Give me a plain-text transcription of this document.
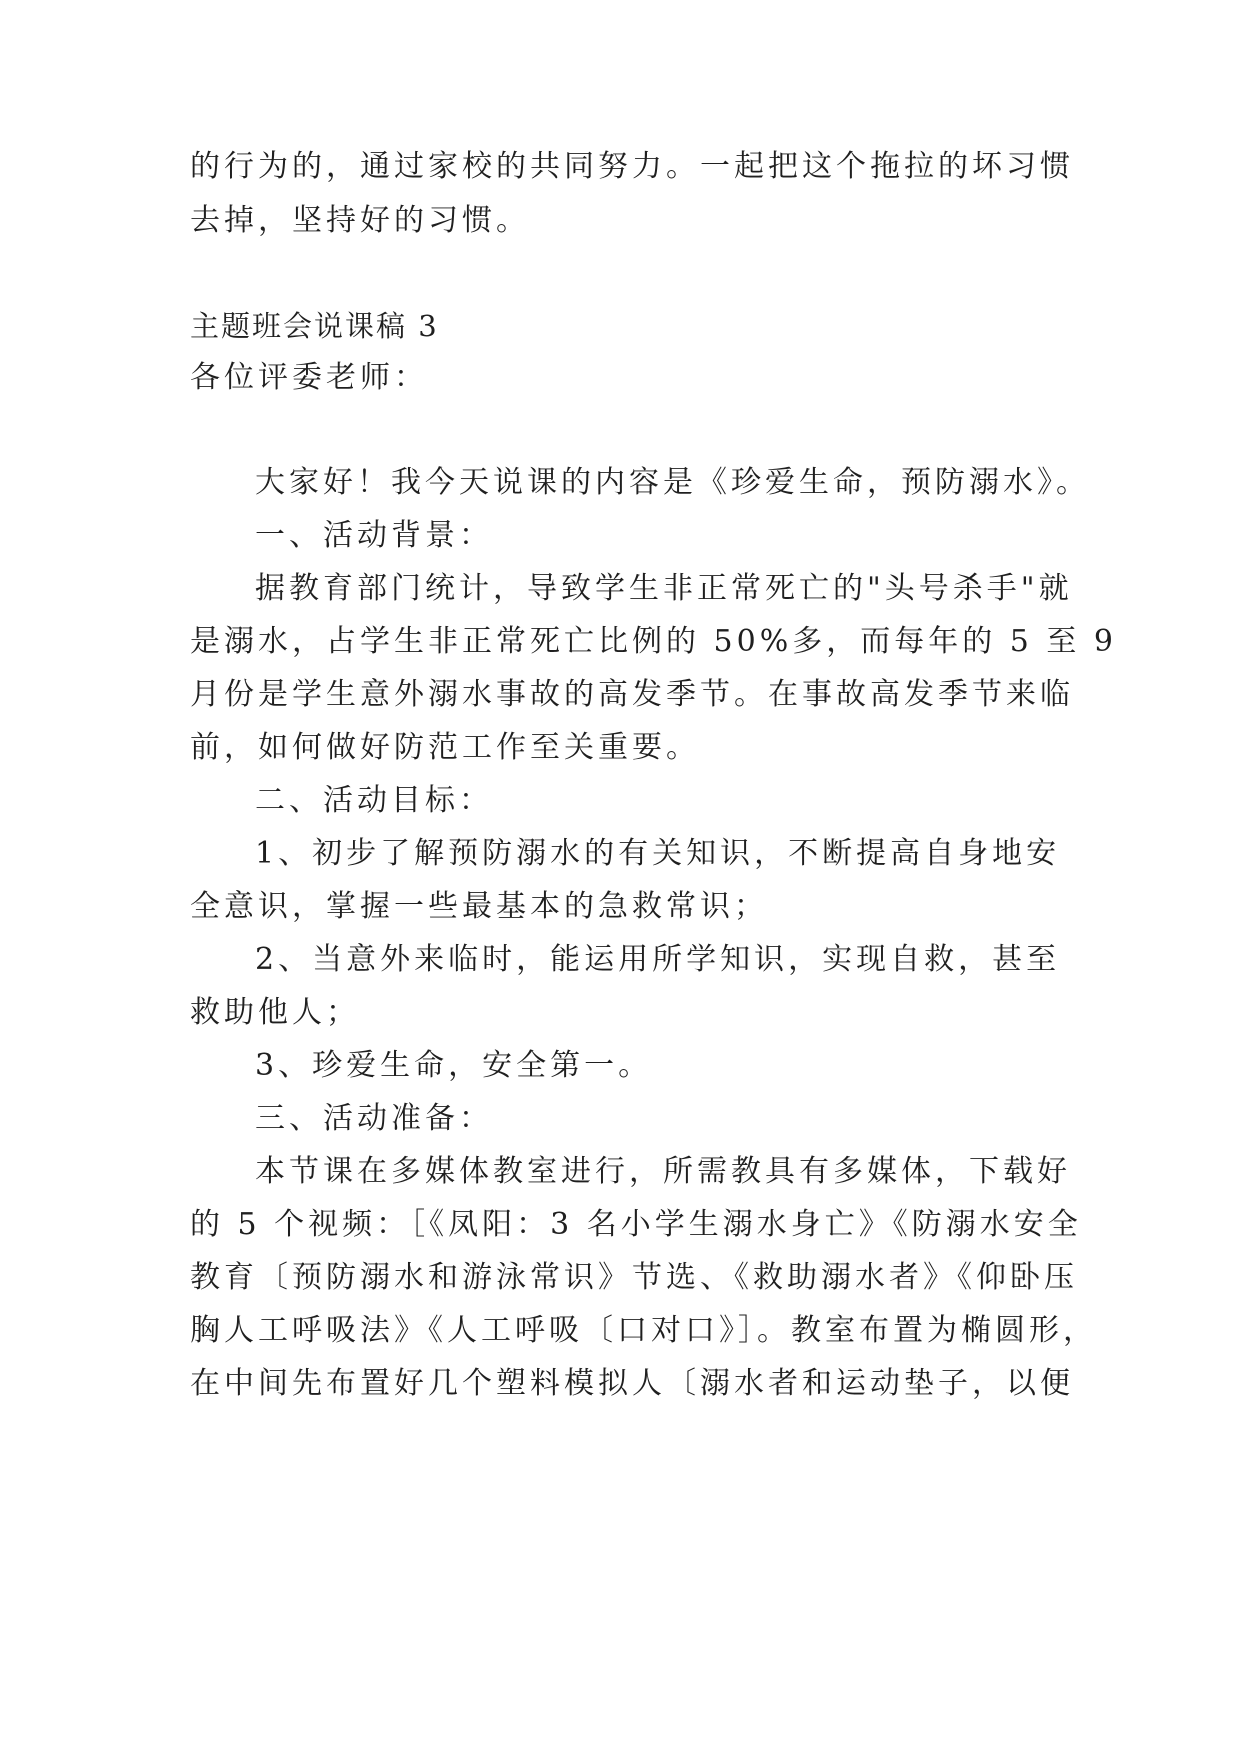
的行为的，通过家校的共同努力。一起把这个拖拉的坏习惯

去掉，坚持好的习惯。

主题班会说课稿 3

各位评委老师：

大家好！我今天说课的内容是《珍爱生命，预防溺水》。

一、活动背景：

据教育部门统计，导致学生非正常死亡的"头号杀手"就

是溺水，占学生非正常死亡比例的 50%多，而每年的 5 至 9

月份是学生意外溺水事故的高发季节。在事故高发季节来临

前，如何做好防范工作至关重要。

二、活动目标：

1、初步了解预防溺水的有关知识，不断提高自身地安

全意识，掌握一些最基本的急救常识；

2、当意外来临时，能运用所学知识，实现自救，甚至

救助他人；

3、珍爱生命，安全第一。

三、活动准备：

本节课在多媒体教室进行，所需教具有多媒体，下载好

的 5 个视频：［《凤阳：3 名小学生溺水身亡》《防溺水安全

教育〔预防溺水和游泳常识》节选、《救助溺水者》《仰卧压

胸人工呼吸法》《人工呼吸〔口对口》］。教室布置为椭圆形，

在中间先布置好几个塑料模拟人〔溺水者和运动垫子，以便
